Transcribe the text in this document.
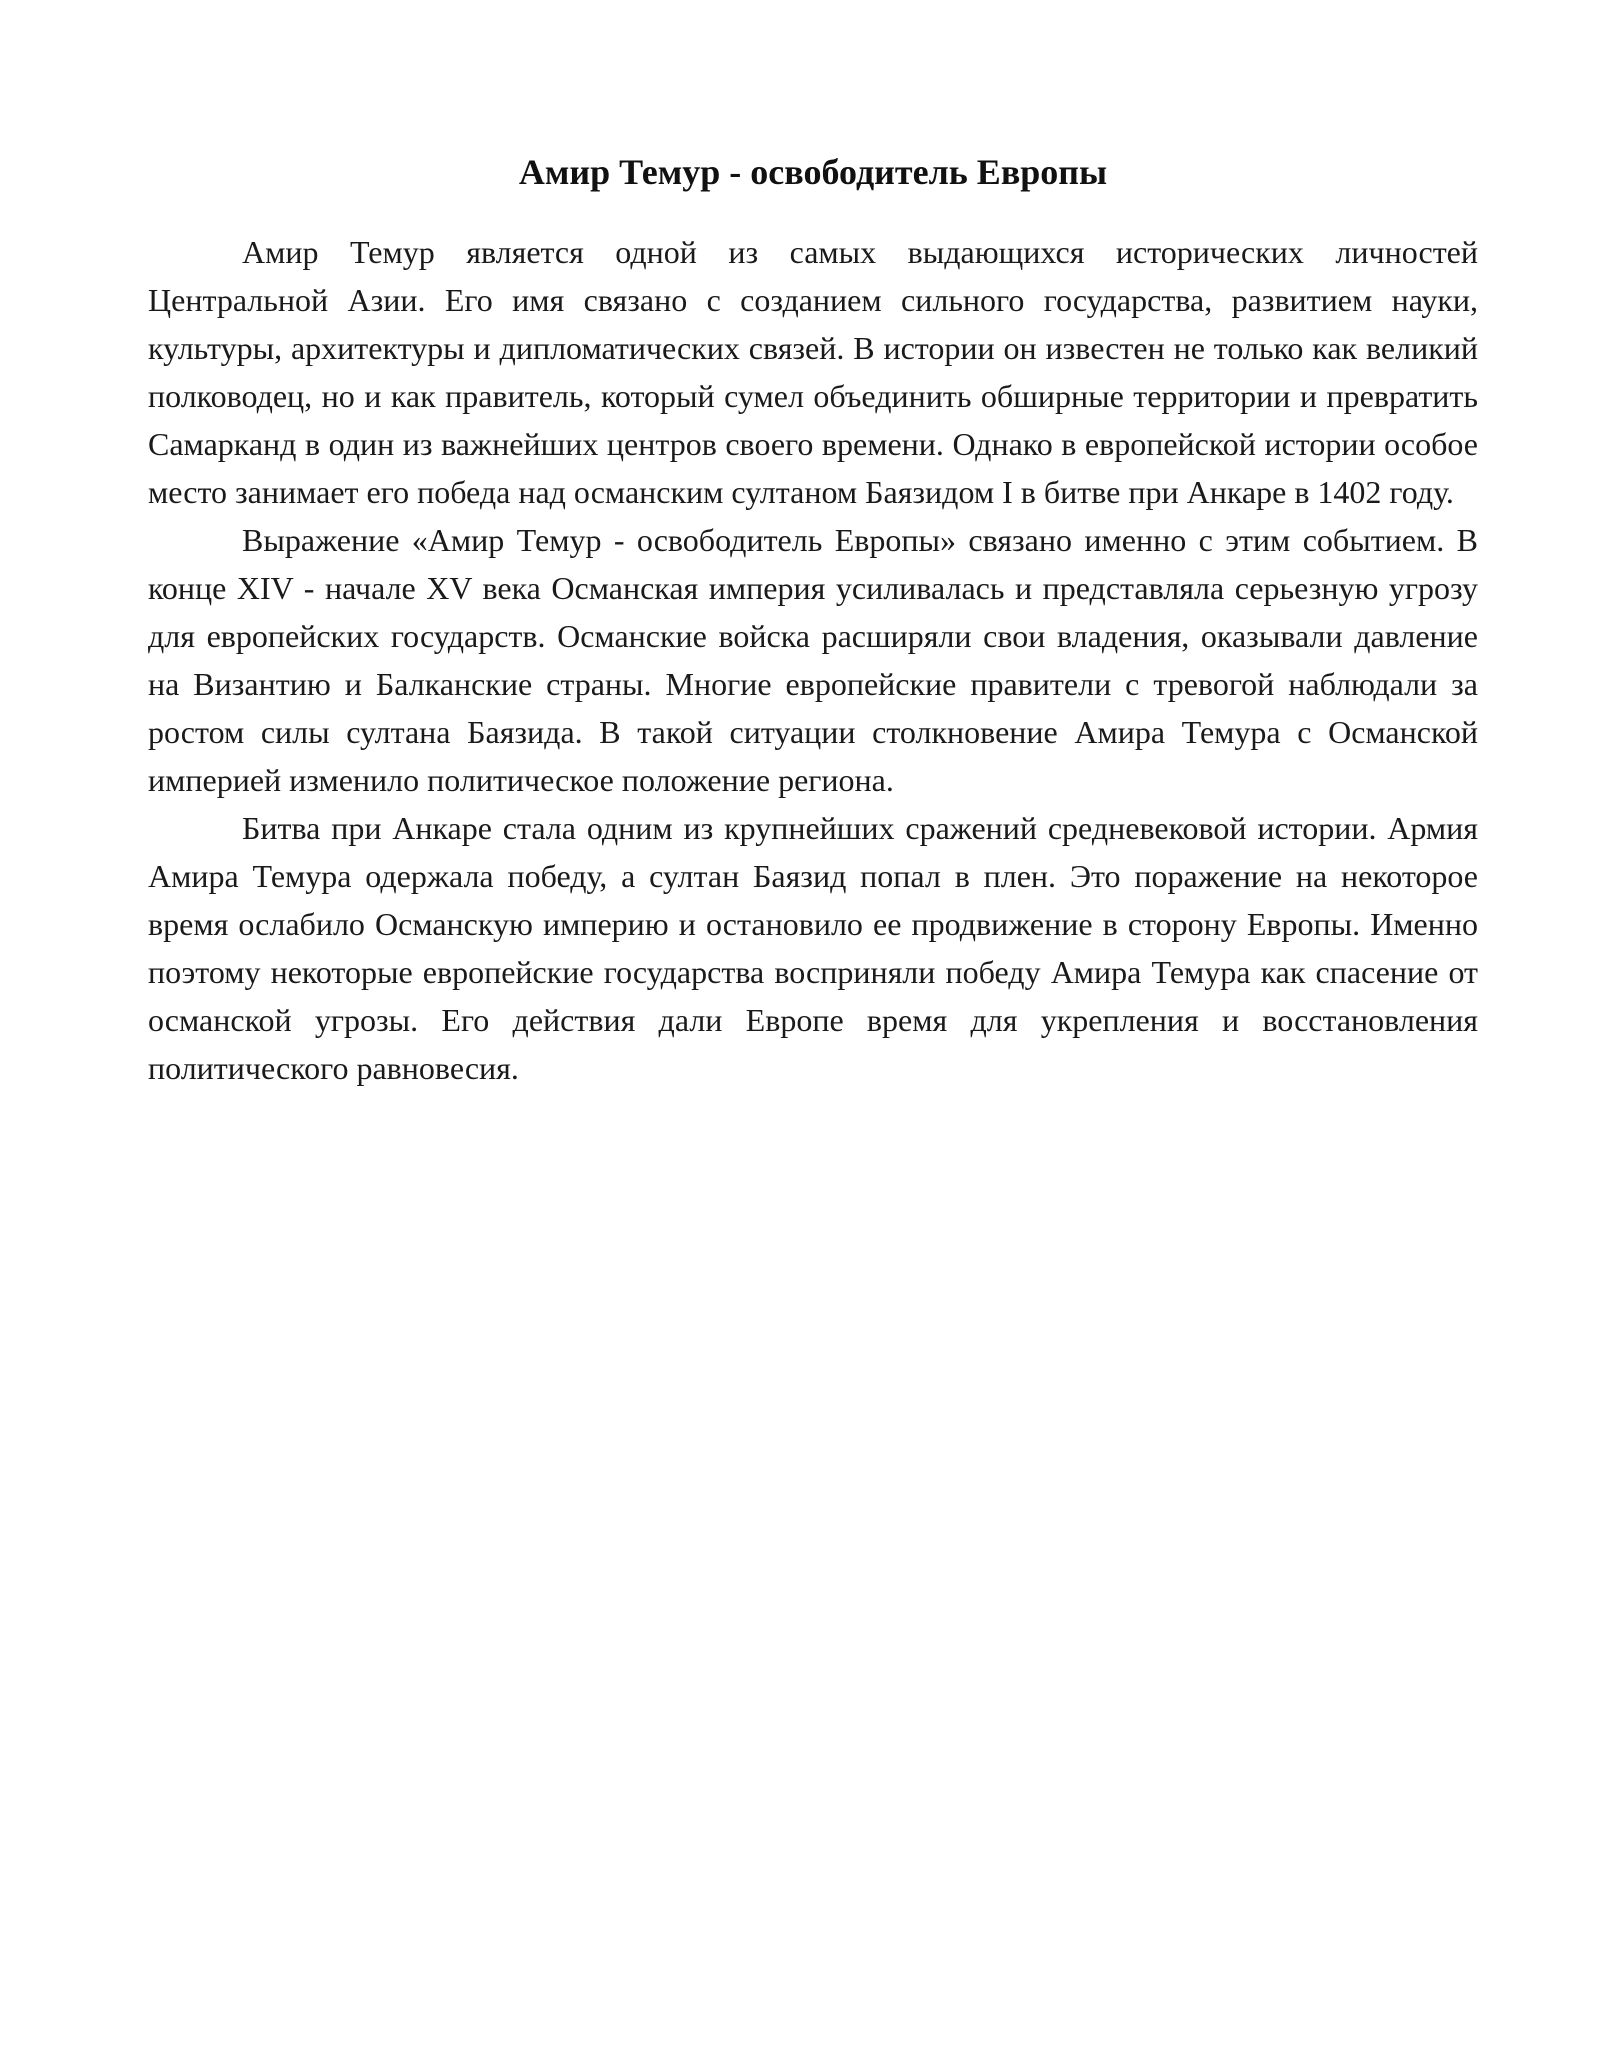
Амир Темур - освободитель Европы

Амир Темур является одной из самых выдающихся исторических личностей Центральной Азии. Его имя связано с созданием сильного государства, развитием науки, культуры, архитектуры и дипломатических связей. В истории он известен не только как великий полководец, но и как правитель, который сумел объединить обширные территории и превратить Самарканд в один из важнейших центров своего времени. Однако в европейской истории особое место занимает его победа над османским султаном Баязидом I в битве при Анкаре в 1402 году.

Выражение «Амир Темур - освободитель Европы» связано именно с этим событием. В конце XIV - начале XV века Османская империя усиливалась и представляла серьезную угрозу для европейских государств. Османские войска расширяли свои владения, оказывали давление на Византию и Балканские страны. Многие европейские правители с тревогой наблюдали за ростом силы султана Баязида. В такой ситуации столкновение Амира Темура с Османской империей изменило политическое положение региона.

Битва при Анкаре стала одним из крупнейших сражений средневековой истории. Армия Амира Темура одержала победу, а султан Баязид попал в плен. Это поражение на некоторое время ослабило Османскую империю и остановило ее продвижение в сторону Европы. Именно поэтому некоторые европейские государства восприняли победу Амира Темура как спасение от османской угрозы. Его действия дали Европе время для укрепления и восстановления политического равновесия.
